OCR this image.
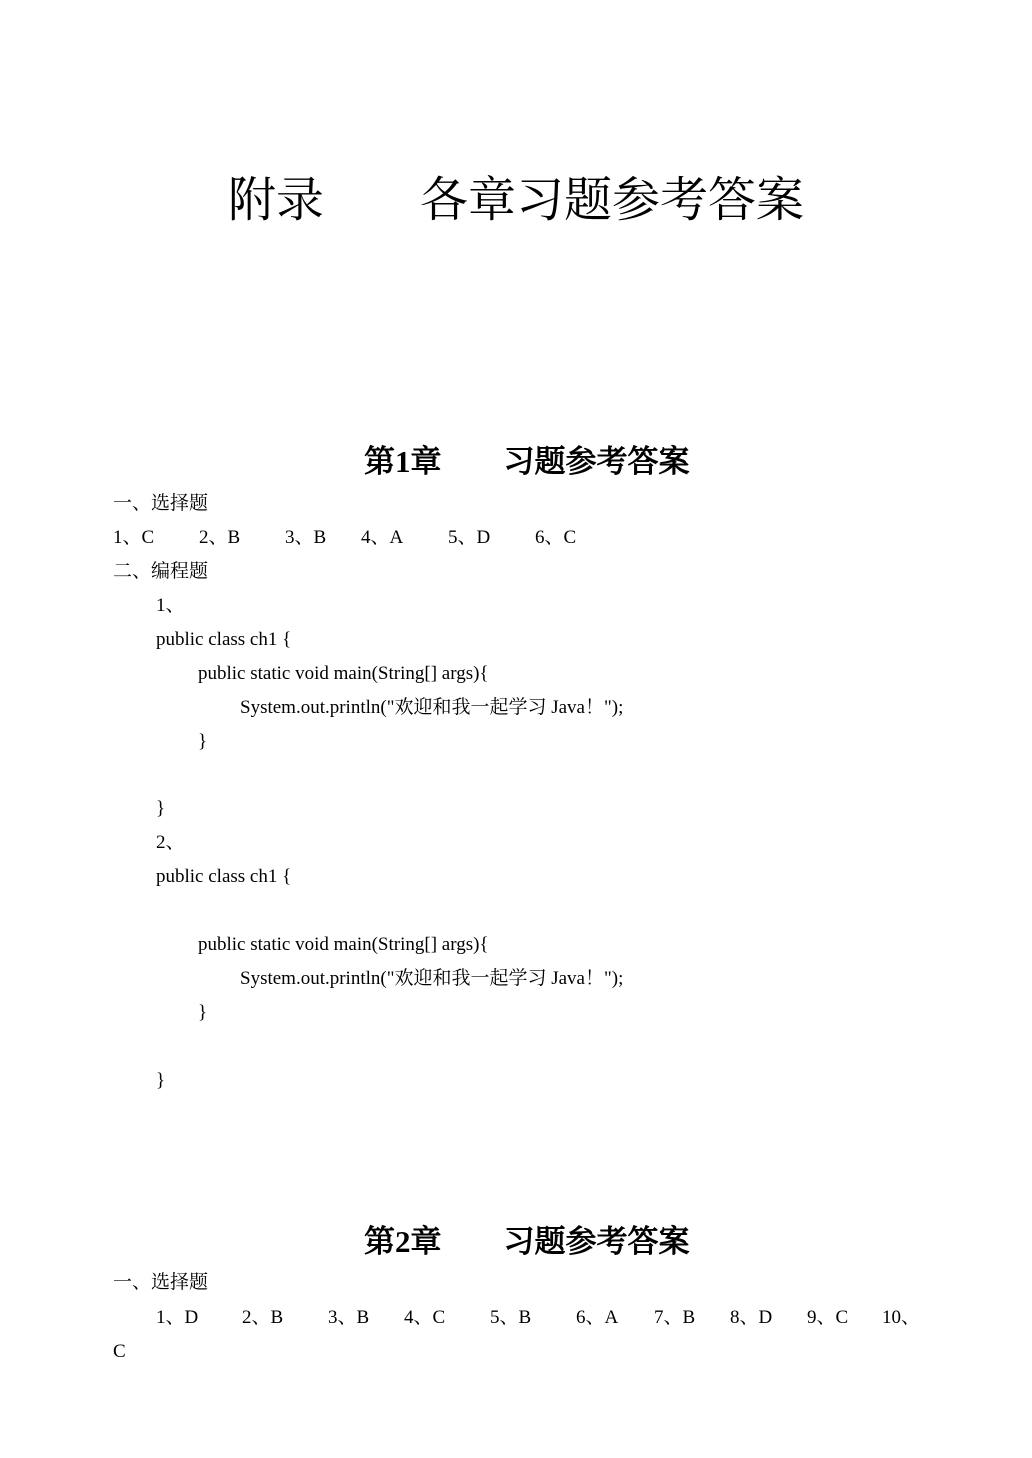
附录　　各章习题参考答案

第1章　　习题参考答案

一、选择题
1、C	2、B	3、B	4、A	5、D	6、C
二、编程题
1、
public class ch1 {
public static void main(String[] args){
System.out.println("欢迎和我一起学习 Java！");
}
}
2、
public class ch1 {
public static void main(String[] args){
System.out.println("欢迎和我一起学习 Java！");
}
}

第2章　　习题参考答案

一、选择题
1、D	2、B	3、B	4、C	5、B	6、A	7、B	8、D	9、C	10、
C
